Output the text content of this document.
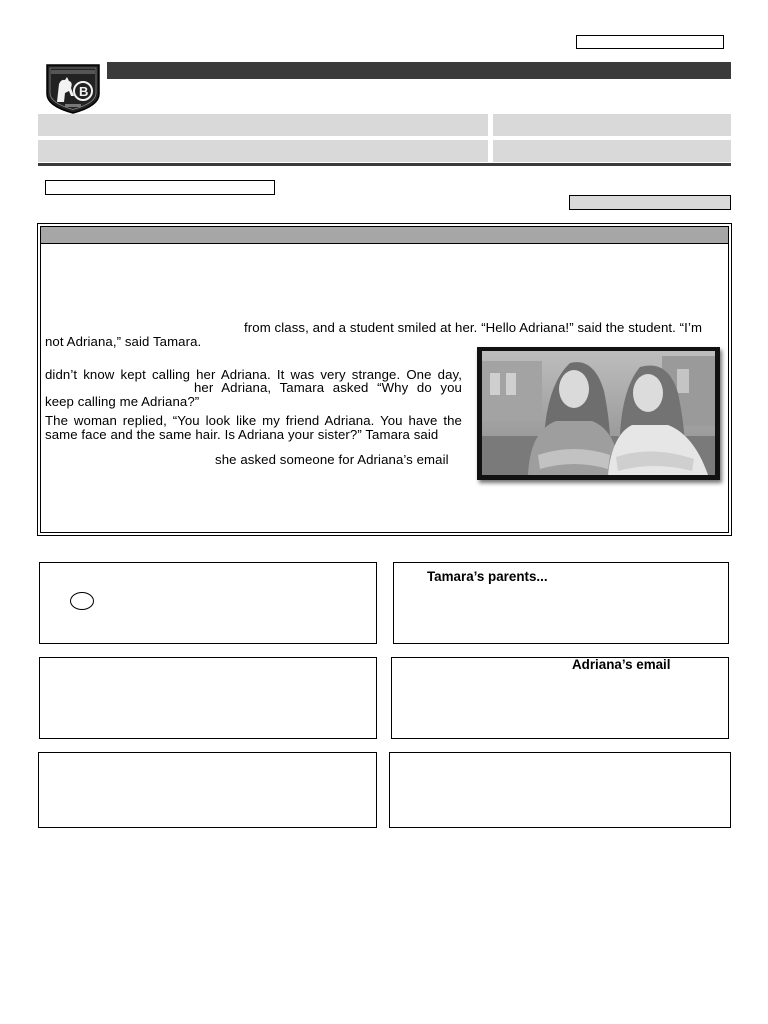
B
from class, and a student smiled at her. “Hello Adriana!” said the student. “I’m
not Adriana,” said Tamara.
didn’t know kept calling her Adriana. It was very strange. One day,
her Adriana, Tamara asked “Why do you
keep calling me Adriana?”
The woman replied, “You look like my friend Adriana. You have the
same face and the same hair. Is Adriana your sister?” Tamara said
she asked someone for Adriana’s email
Tamara’s parents...
Adriana’s email
